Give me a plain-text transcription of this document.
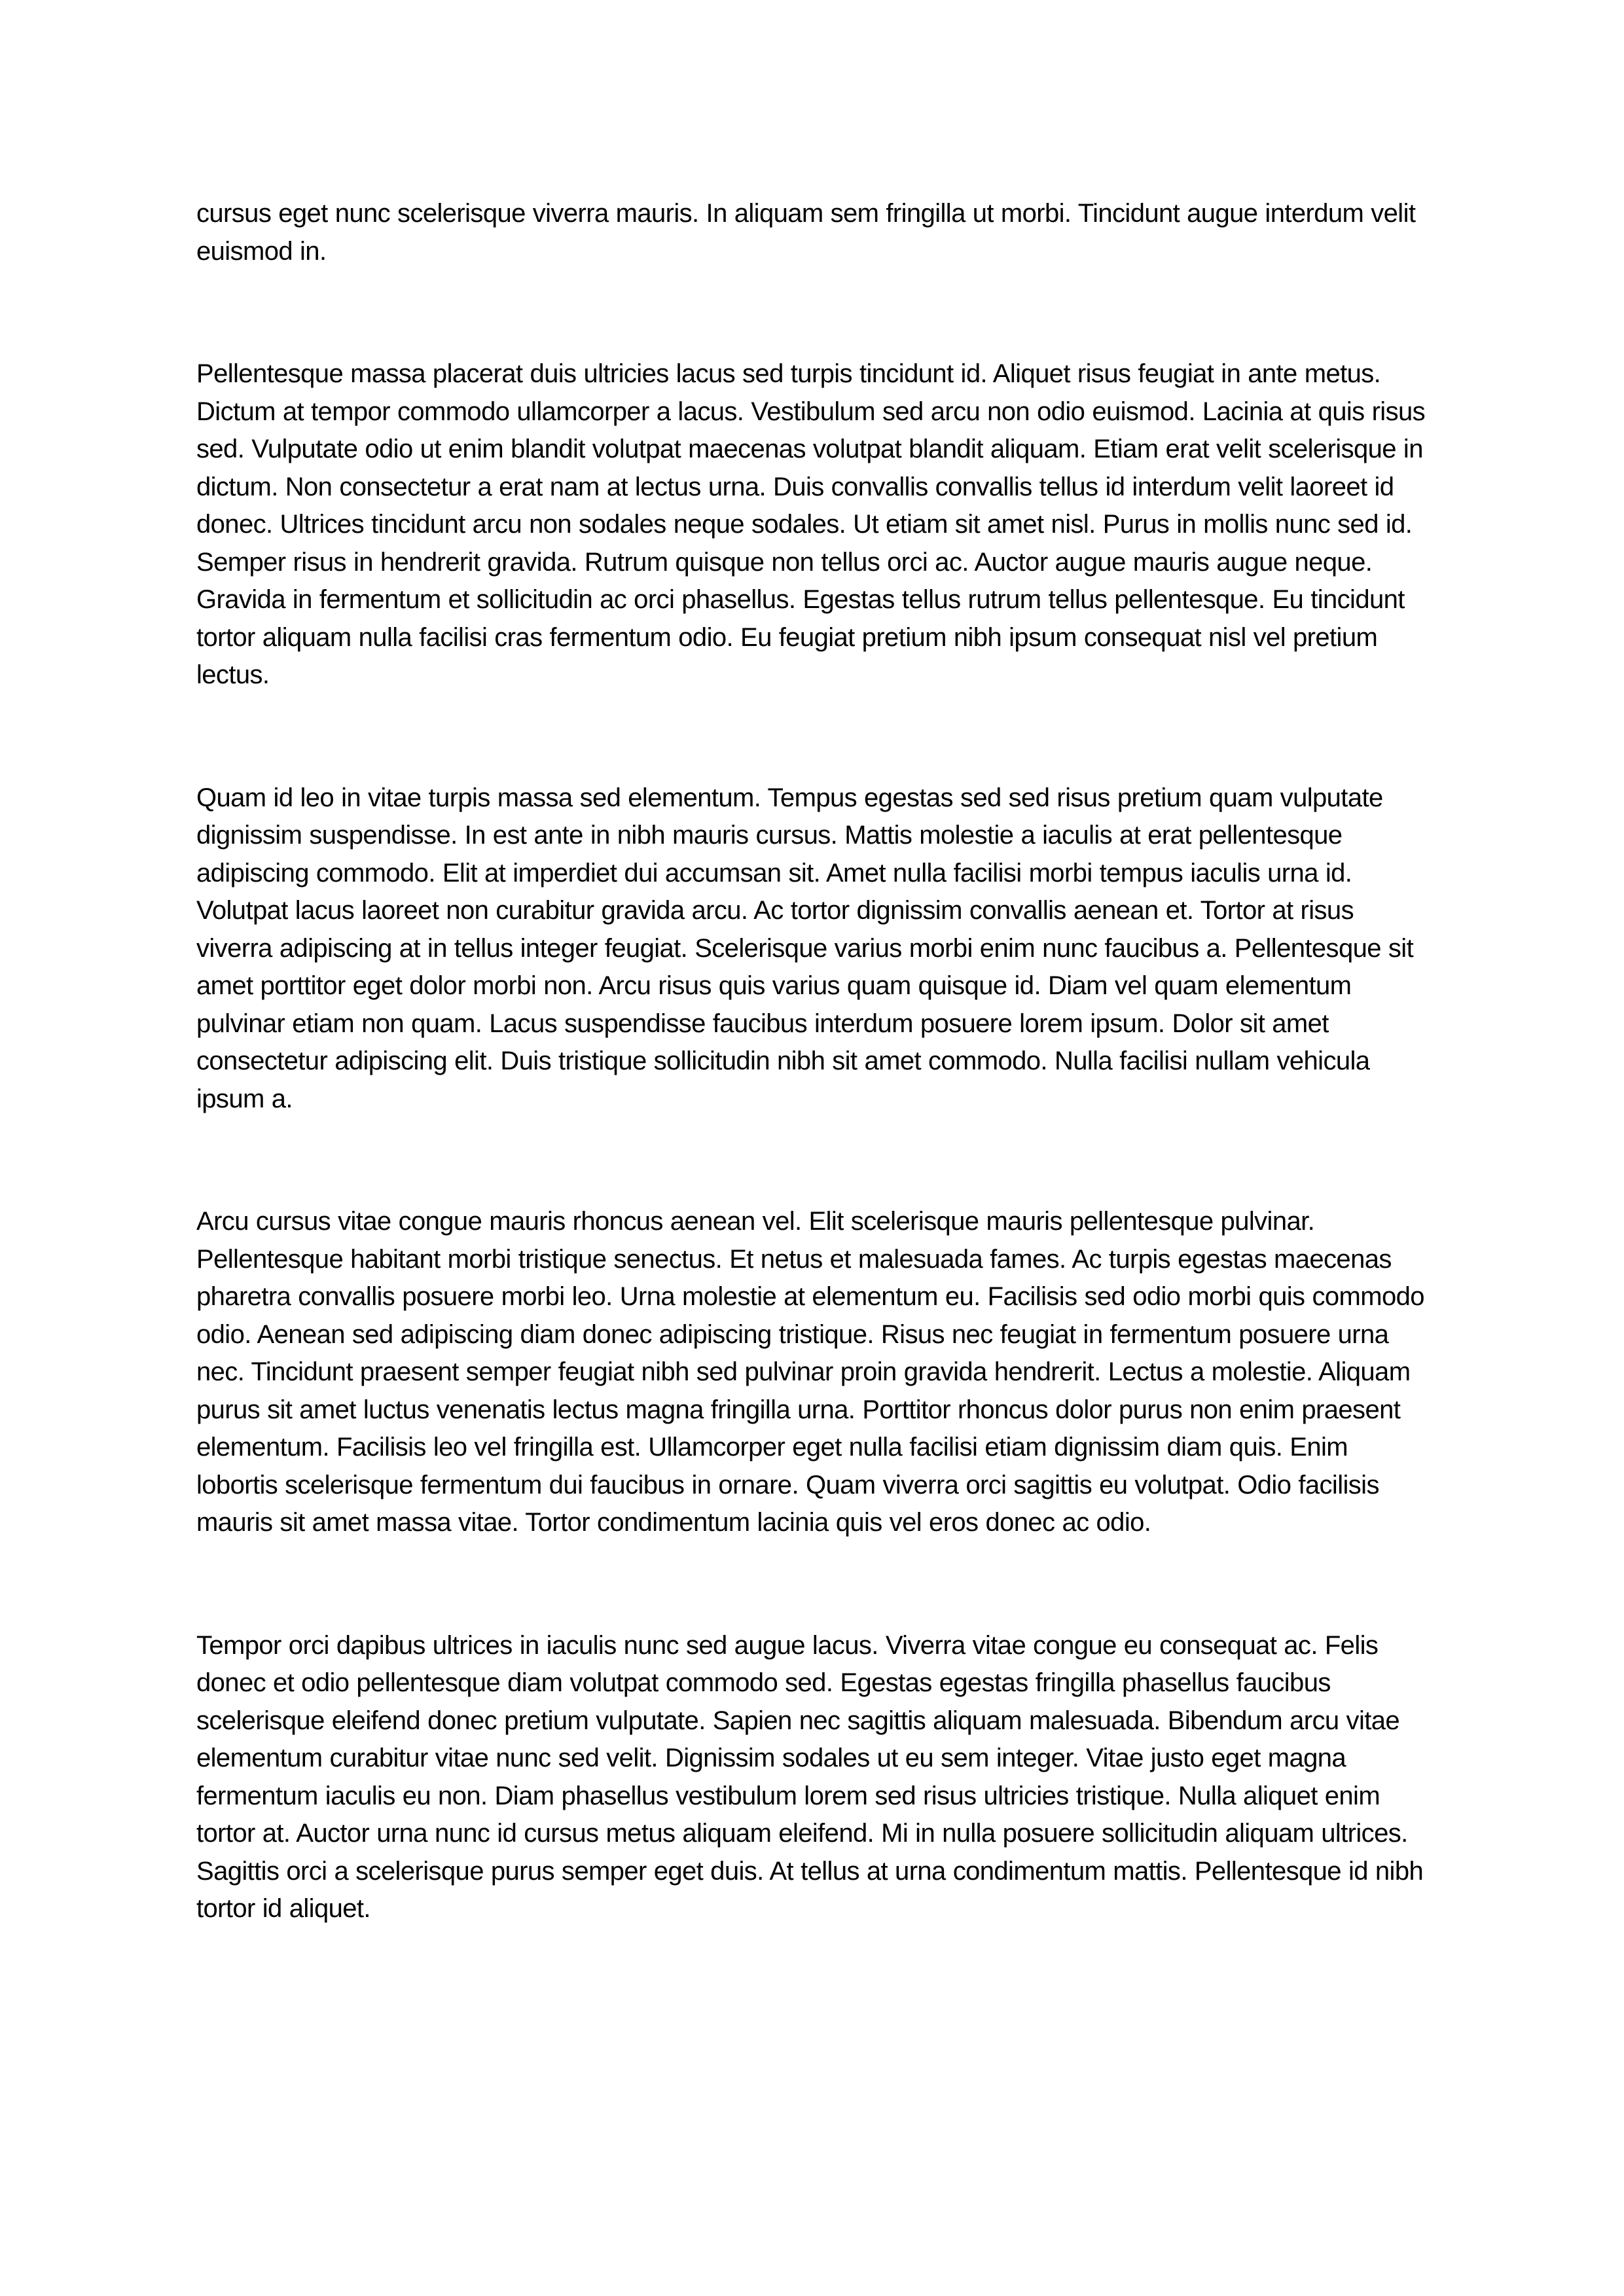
cursus eget nunc scelerisque viverra mauris. In aliquam sem fringilla ut morbi. Tincidunt augue interdum velit euismod in.

Pellentesque massa placerat duis ultricies lacus sed turpis tincidunt id. Aliquet risus feugiat in ante metus. Dictum at tempor commodo ullamcorper a lacus. Vestibulum sed arcu non odio euismod. Lacinia at quis risus sed. Vulputate odio ut enim blandit volutpat maecenas volutpat blandit aliquam. Etiam erat velit scelerisque in dictum. Non consectetur a erat nam at lectus urna. Duis convallis convallis tellus id interdum velit laoreet id donec. Ultrices tincidunt arcu non sodales neque sodales. Ut etiam sit amet nisl. Purus in mollis nunc sed id. Semper risus in hendrerit gravida. Rutrum quisque non tellus orci ac. Auctor augue mauris augue neque. Gravida in fermentum et sollicitudin ac orci phasellus. Egestas tellus rutrum tellus pellentesque. Eu tincidunt tortor aliquam nulla facilisi cras fermentum odio. Eu feugiat pretium nibh ipsum consequat nisl vel pretium lectus.

Quam id leo in vitae turpis massa sed elementum. Tempus egestas sed sed risus pretium quam vulputate dignissim suspendisse. In est ante in nibh mauris cursus. Mattis molestie a iaculis at erat pellentesque adipiscing commodo. Elit at imperdiet dui accumsan sit. Amet nulla facilisi morbi tempus iaculis urna id. Volutpat lacus laoreet non curabitur gravida arcu. Ac tortor dignissim convallis aenean et. Tortor at risus viverra adipiscing at in tellus integer feugiat. Scelerisque varius morbi enim nunc faucibus a. Pellentesque sit amet porttitor eget dolor morbi non. Arcu risus quis varius quam quisque id. Diam vel quam elementum pulvinar etiam non quam. Lacus suspendisse faucibus interdum posuere lorem ipsum. Dolor sit amet consectetur adipiscing elit. Duis tristique sollicitudin nibh sit amet commodo. Nulla facilisi nullam vehicula ipsum a.

Arcu cursus vitae congue mauris rhoncus aenean vel. Elit scelerisque mauris pellentesque pulvinar. Pellentesque habitant morbi tristique senectus. Et netus et malesuada fames. Ac turpis egestas maecenas pharetra convallis posuere morbi leo. Urna molestie at elementum eu. Facilisis sed odio morbi quis commodo odio. Aenean sed adipiscing diam donec adipiscing tristique. Risus nec feugiat in fermentum posuere urna nec. Tincidunt praesent semper feugiat nibh sed pulvinar proin gravida hendrerit. Lectus a molestie. Aliquam purus sit amet luctus venenatis lectus magna fringilla urna. Porttitor rhoncus dolor purus non enim praesent elementum. Facilisis leo vel fringilla est. Ullamcorper eget nulla facilisi etiam dignissim diam quis. Enim lobortis scelerisque fermentum dui faucibus in ornare. Quam viverra orci sagittis eu volutpat. Odio facilisis mauris sit amet massa vitae. Tortor condimentum lacinia quis vel eros donec ac odio.

Tempor orci dapibus ultrices in iaculis nunc sed augue lacus. Viverra vitae congue eu consequat ac. Felis donec et odio pellentesque diam volutpat commodo sed. Egestas egestas fringilla phasellus faucibus scelerisque eleifend donec pretium vulputate. Sapien nec sagittis aliquam malesuada. Bibendum arcu vitae elementum curabitur vitae nunc sed velit. Dignissim sodales ut eu sem integer. Vitae justo eget magna fermentum iaculis eu non. Diam phasellus vestibulum lorem sed risus ultricies tristique. Nulla aliquet enim tortor at. Auctor urna nunc id cursus metus aliquam eleifend. Mi in nulla posuere sollicitudin aliquam ultrices. Sagittis orci a scelerisque purus semper eget duis. At tellus at urna condimentum mattis. Pellentesque id nibh tortor id aliquet.
